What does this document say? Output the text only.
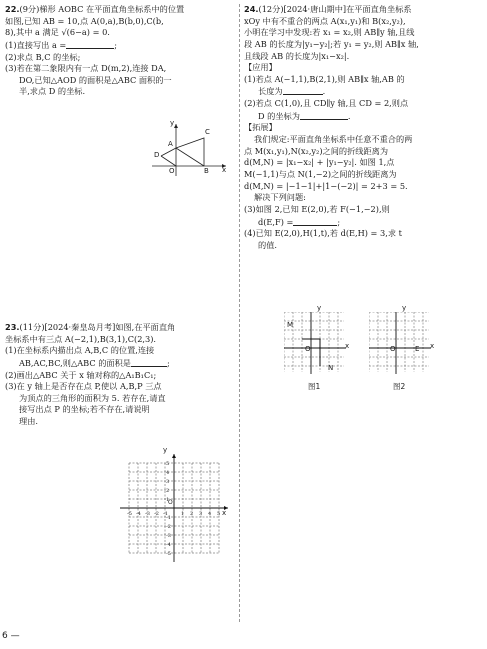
22.(9分)梯形 AOBC 在平面直角坐标系中的位置

如图,已知 AB = 10,点 A(0,a),B(b,0),C(b,

8),其中 a 满足 √(6−a) = 0.

(1)直接写出 a =	;

(2)求点 B,C 的坐标;

(3)若在第二象限内有一点 D(m,2),连接 DA,

DO,已知△AOD 的面积是△ABC 面积的一

半,求点 D 的坐标.

y
x
A
C
D
O	B

23.(11分)[2024·秦皇岛月考]如图,在平面直角

坐标系中有三点 A(−2,1),B(3,1),C(2,3).

(1)在坐标系内描出点 A,B,C 的位置,连接

AB,AC,BC,则△ABC 的面积是	;

(2)画出△ABC 关于 x 轴对称的△A₁B₁C₁;

(3)在 y 轴上是否存在点 P,使以 A,B,P 三点

为顶点的三角形的面积为 5. 若存在,请直

接写出点 P 的坐标;若不存在,请说明

理由.

-5 -4 -3 -2 -1	1 2 3 4 5
5
4
3
2
1
-1
-2
-3
-4
-5
y
x
O

24.(12分)[2024·唐山期中]在平面直角坐标系

xOy 中有不重合的两点 A(x₁,y₁)和 B(x₂,y₂),

小明在学习中发现:若 x₁ = x₂,则 AB∥y 轴,且线

段 AB 的长度为|y₁−y₂|;若 y₁ = y₂,则 AB∥x 轴,

且线段 AB 的长度为|x₁−x₂|.

【应用】

(1)若点 A(−1,1),B(2,1),则 AB∥x 轴,AB 的

长度为	.

(2)若点 C(1,0),且 CD∥y 轴,且 CD = 2,则点

D 的坐标为	.

【拓展】

我们规定:平面直角坐标系中任意不重合的两

点 M(x₁,y₁),N(x₂,y₂)之间的折线距离为

d(M,N) = |x₁−x₂| + |y₁−y₂|. 如图 1,点

M(−1,1)与点 N(1,−2)之间的折线距离为

d(M,N) = |−1−1|+|1−(−2)| = 2+3 = 5.

解决下列问题:

(3)如图 2,已知 E(2,0),若 F(−1,−2),则

d(E,F) =	;

(4)已知 E(2,0),H(1,t),若 d(E,H) = 3,求 t

的值.

M
N
O	x
y
图1
O	E x
y
图2
6 —
